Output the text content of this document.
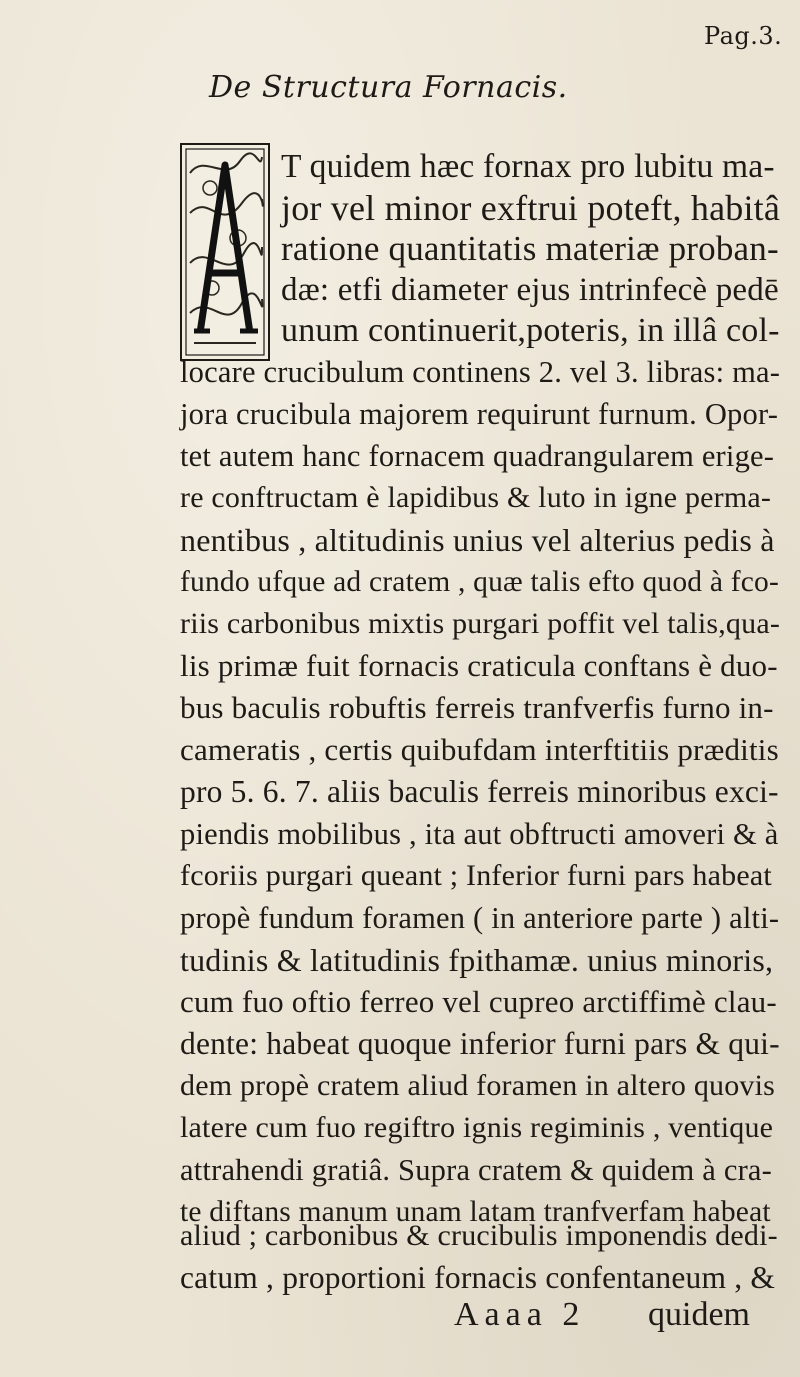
Pag.3.
De Structura Fornacis.
T quidem hæc fornax pro lubitu ma-
jor vel minor exftrui poteft, habitâ
ratione quantitatis materiæ proban-
dæ: etfi diameter ejus intrinfecè pedē
unum continuerit,poteris, in illâ col-
locare crucibulum continens 2. vel 3. libras: ma-
jora crucibula majorem requirunt furnum. Opor-
tet autem hanc fornacem quadrangularem erige-
re conftructam è lapidibus & luto in igne perma-
nentibus , altitudinis unius vel alterius pedis à
fundo ufque ad cratem , quæ talis efto quod à fco-
riis carbonibus mixtis purgari poffit vel talis,qua-
lis primæ fuit fornacis craticula conftans è duo-
bus baculis robuftis ferreis tranfverfis furno in-
cameratis , certis quibufdam interftitiis præditis
pro 5. 6. 7. aliis baculis ferreis minoribus exci-
piendis mobilibus , ita aut obftructi amoveri & à
fcoriis purgari queant ; Inferior furni pars habeat
propè fundum foramen ( in anteriore parte ) alti-
tudinis & latitudinis fpithamæ. unius minoris,
cum fuo oftio ferreo vel cupreo arctiffimè clau-
dente: habeat quoque inferior furni pars & qui-
dem propè cratem aliud foramen in altero quovis
latere cum fuo regiftro ignis regiminis , ventique
attrahendi gratiâ. Supra cratem & quidem à cra-
te diftans manum unam latam tranfverfam habeat
aliud ; carbonibus & crucibulis imponendis dedi-
catum , proportioni fornacis confentaneum , &
Aaaa 2 quidem
